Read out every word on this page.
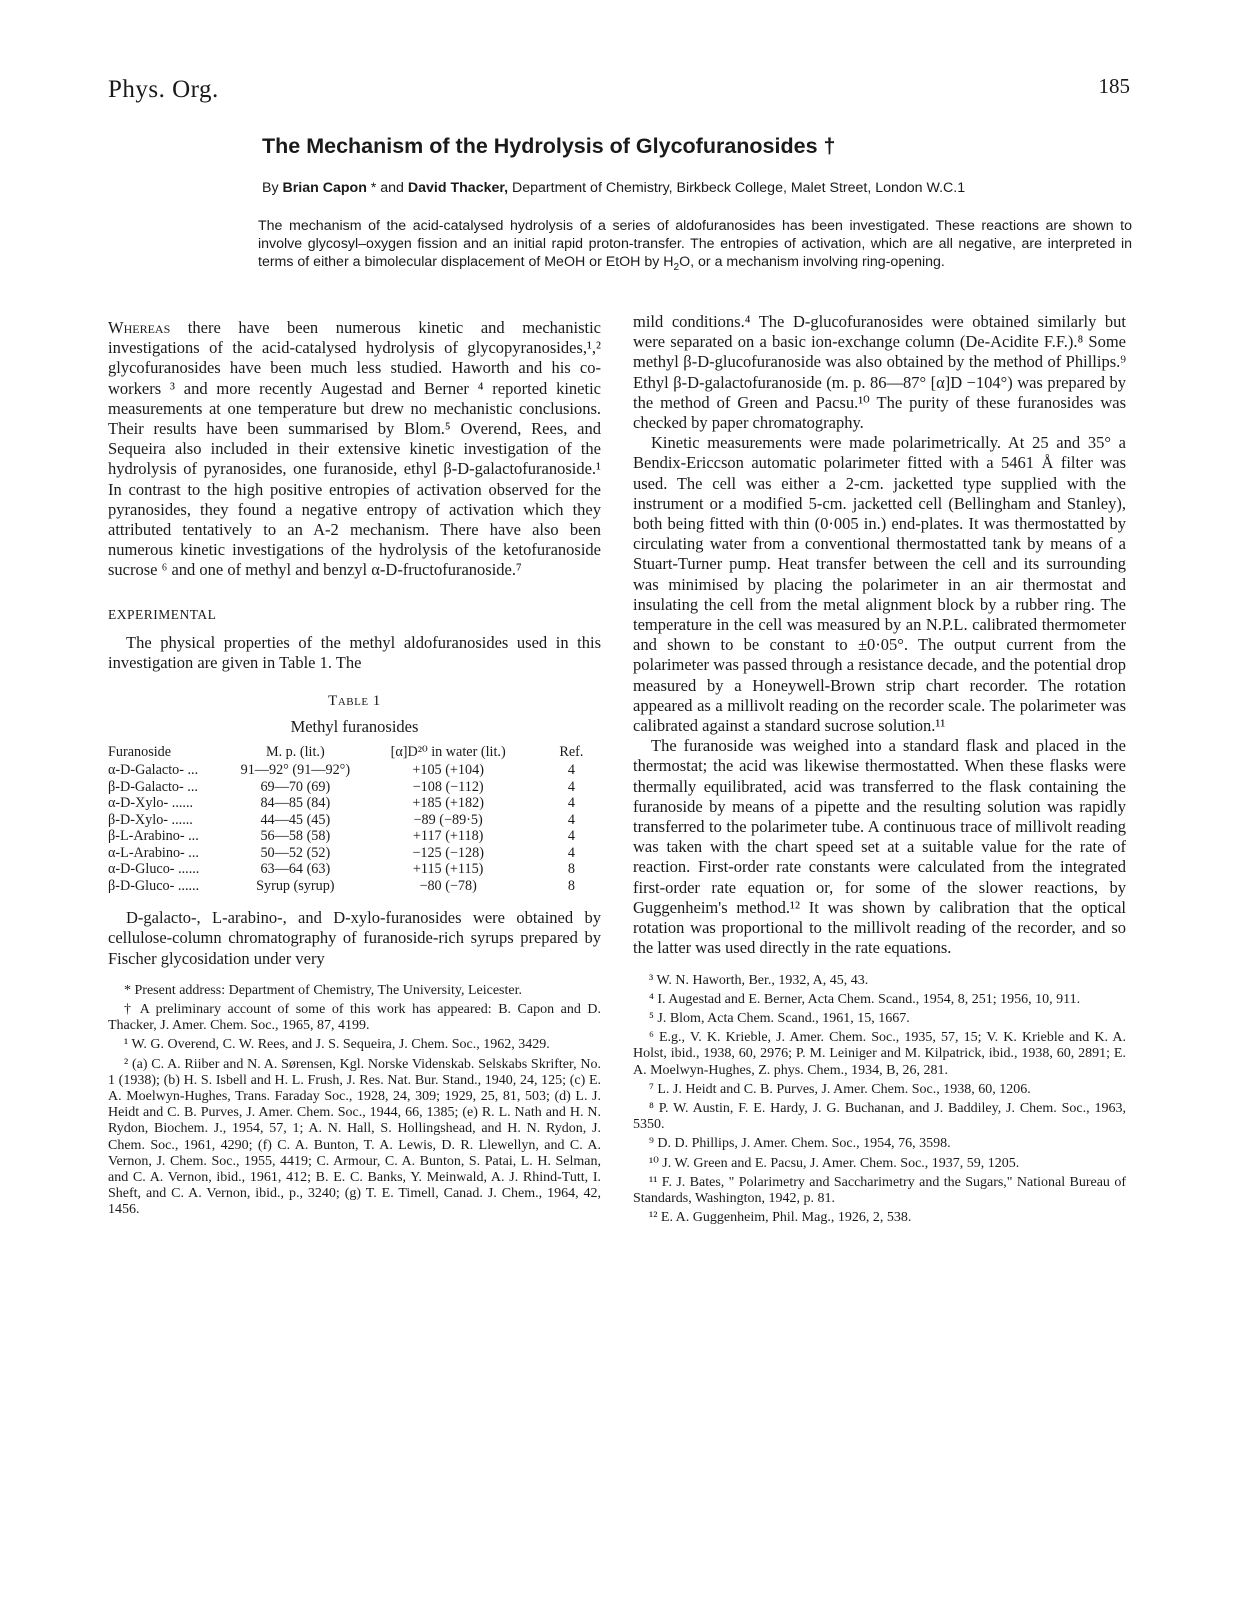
Phys. Org.	185
The Mechanism of the Hydrolysis of Glycofuranosides †
By Brian Capon * and David Thacker, Department of Chemistry, Birkbeck College, Malet Street, London W.C.1
The mechanism of the acid-catalysed hydrolysis of a series of aldofuranosides has been investigated. These reactions are shown to involve glycosyl–oxygen fission and an initial rapid proton-transfer. The entropies of activation, which are all negative, are interpreted in terms of either a bimolecular displacement of MeOH or EtOH by $H_2O$, or a mechanism involving ring-opening.

Whereas there have been numerous kinetic and mechanistic investigations of the acid-catalysed hydrolysis of glycopyranosides,¹,² glycofuranosides have been much less studied. Haworth and his co-workers ³ and more recently Augestad and Berner ⁴ reported kinetic measurements at one temperature but drew no mechanistic conclusions. Their results have been summarised by Blom.⁵ Overend, Rees, and Sequeira also included in their extensive kinetic investigation of the hydrolysis of pyranosides, one furanoside, ethyl β-D-galactofuranoside.¹ In contrast to the high positive entropies of activation observed for the pyranosides, they found a negative entropy of activation which they attributed tentatively to an A-2 mechanism. There have also been numerous kinetic investigations of the hydrolysis of the ketofuranoside sucrose ⁶ and one of methyl and benzyl α-D-fructofuranoside.⁷

EXPERIMENTAL

The physical properties of the methyl aldofuranosides used in this investigation are given in Table 1. The

Table 1
Methyl furanosides
Furanoside	M. p. (lit.)	[α]D²⁰ in water (lit.)	Ref.
α-D-Galacto- ...	91—92° (91—92°)	+105 (+104)	4
β-D-Galacto- ...	69—70 (69)	−108 (−112)	4
α-D-Xylo- ......	84—85 (84)	+185 (+182)	4
β-D-Xylo- ......	44—45 (45)	−89 (−89·5)	4
β-L-Arabino- ...	56—58 (58)	+117 (+118)	4
α-L-Arabino- ...	50—52 (52)	−125 (−128)	4
α-D-Gluco- ......	63—64 (63)	+115 (+115)	8
β-D-Gluco- ......	Syrup (syrup)	−80 (−78)	8

D-galacto-, L-arabino-, and D-xylo-furanosides were obtained by cellulose-column chromatography of furanoside-rich syrups prepared by Fischer glycosidation under very

* Present address: Department of Chemistry, The University, Leicester.

† A preliminary account of some of this work has appeared: B. Capon and D. Thacker, J. Amer. Chem. Soc., 1965, 87, 4199.

¹ W. G. Overend, C. W. Rees, and J. S. Sequeira, J. Chem. Soc., 1962, 3429.

² (a) C. A. Riiber and N. A. Sørensen, Kgl. Norske Videnskab. Selskabs Skrifter, No. 1 (1938); (b) H. S. Isbell and H. L. Frush, J. Res. Nat. Bur. Stand., 1940, 24, 125; (c) E. A. Moelwyn-Hughes, Trans. Faraday Soc., 1928, 24, 309; 1929, 25, 81, 503; (d) L. J. Heidt and C. B. Purves, J. Amer. Chem. Soc., 1944, 66, 1385; (e) R. L. Nath and H. N. Rydon, Biochem. J., 1954, 57, 1; A. N. Hall, S. Hollingshead, and H. N. Rydon, J. Chem. Soc., 1961, 4290; (f) C. A. Bunton, T. A. Lewis, D. R. Llewellyn, and C. A. Vernon, J. Chem. Soc., 1955, 4419; C. Armour, C. A. Bunton, S. Patai, L. H. Selman, and C. A. Vernon, ibid., 1961, 412; B. E. C. Banks, Y. Meinwald, A. J. Rhind-Tutt, I. Sheft, and C. A. Vernon, ibid., p., 3240; (g) T. E. Timell, Canad. J. Chem., 1964, 42, 1456.

mild conditions.⁴ The D-glucofuranosides were obtained similarly but were separated on a basic ion-exchange column (De-Acidite F.F.).⁸ Some methyl β-D-glucofuranoside was also obtained by the method of Phillips.⁹ Ethyl β-D-galactofuranoside (m. p. 86—87° [α]D −104°) was prepared by the method of Green and Pacsu.¹⁰ The purity of these furanosides was checked by paper chromatography.

Kinetic measurements were made polarimetrically. At 25 and 35° a Bendix-Ericcson automatic polarimeter fitted with a 5461 Å filter was used. The cell was either a 2-cm. jacketted type supplied with the instrument or a modified 5-cm. jacketted cell (Bellingham and Stanley), both being fitted with thin (0·005 in.) end-plates. It was thermostatted by circulating water from a conventional thermostatted tank by means of a Stuart-Turner pump. Heat transfer between the cell and its surrounding was minimised by placing the polarimeter in an air thermostat and insulating the cell from the metal alignment block by a rubber ring. The temperature in the cell was measured by an N.P.L. calibrated thermometer and shown to be constant to ±0·05°. The output current from the polarimeter was passed through a resistance decade, and the potential drop measured by a Honeywell-Brown strip chart recorder. The rotation appeared as a millivolt reading on the recorder scale. The polarimeter was calibrated against a standard sucrose solution.¹¹

The furanoside was weighed into a standard flask and placed in the thermostat; the acid was likewise thermostatted. When these flasks were thermally equilibrated, acid was transferred to the flask containing the furanoside by means of a pipette and the resulting solution was rapidly transferred to the polarimeter tube. A continuous trace of millivolt reading was taken with the chart speed set at a suitable value for the rate of reaction. First-order rate constants were calculated from the integrated first-order rate equation or, for some of the slower reactions, by Guggenheim's method.¹² It was shown by calibration that the optical rotation was proportional to the millivolt reading of the recorder, and so the latter was used directly in the rate equations.

³ W. N. Haworth, Ber., 1932, A, 45, 43.

⁴ I. Augestad and E. Berner, Acta Chem. Scand., 1954, 8, 251; 1956, 10, 911.

⁵ J. Blom, Acta Chem. Scand., 1961, 15, 1667.

⁶ E.g., V. K. Krieble, J. Amer. Chem. Soc., 1935, 57, 15; V. K. Krieble and K. A. Holst, ibid., 1938, 60, 2976; P. M. Leiniger and M. Kilpatrick, ibid., 1938, 60, 2891; E. A. Moelwyn-Hughes, Z. phys. Chem., 1934, B, 26, 281.

⁷ L. J. Heidt and C. B. Purves, J. Amer. Chem. Soc., 1938, 60, 1206.

⁸ P. W. Austin, F. E. Hardy, J. G. Buchanan, and J. Baddiley, J. Chem. Soc., 1963, 5350.

⁹ D. D. Phillips, J. Amer. Chem. Soc., 1954, 76, 3598.

¹⁰ J. W. Green and E. Pacsu, J. Amer. Chem. Soc., 1937, 59, 1205.

¹¹ F. J. Bates, " Polarimetry and Saccharimetry and the Sugars," National Bureau of Standards, Washington, 1942, p. 81.

¹² E. A. Guggenheim, Phil. Mag., 1926, 2, 538.
